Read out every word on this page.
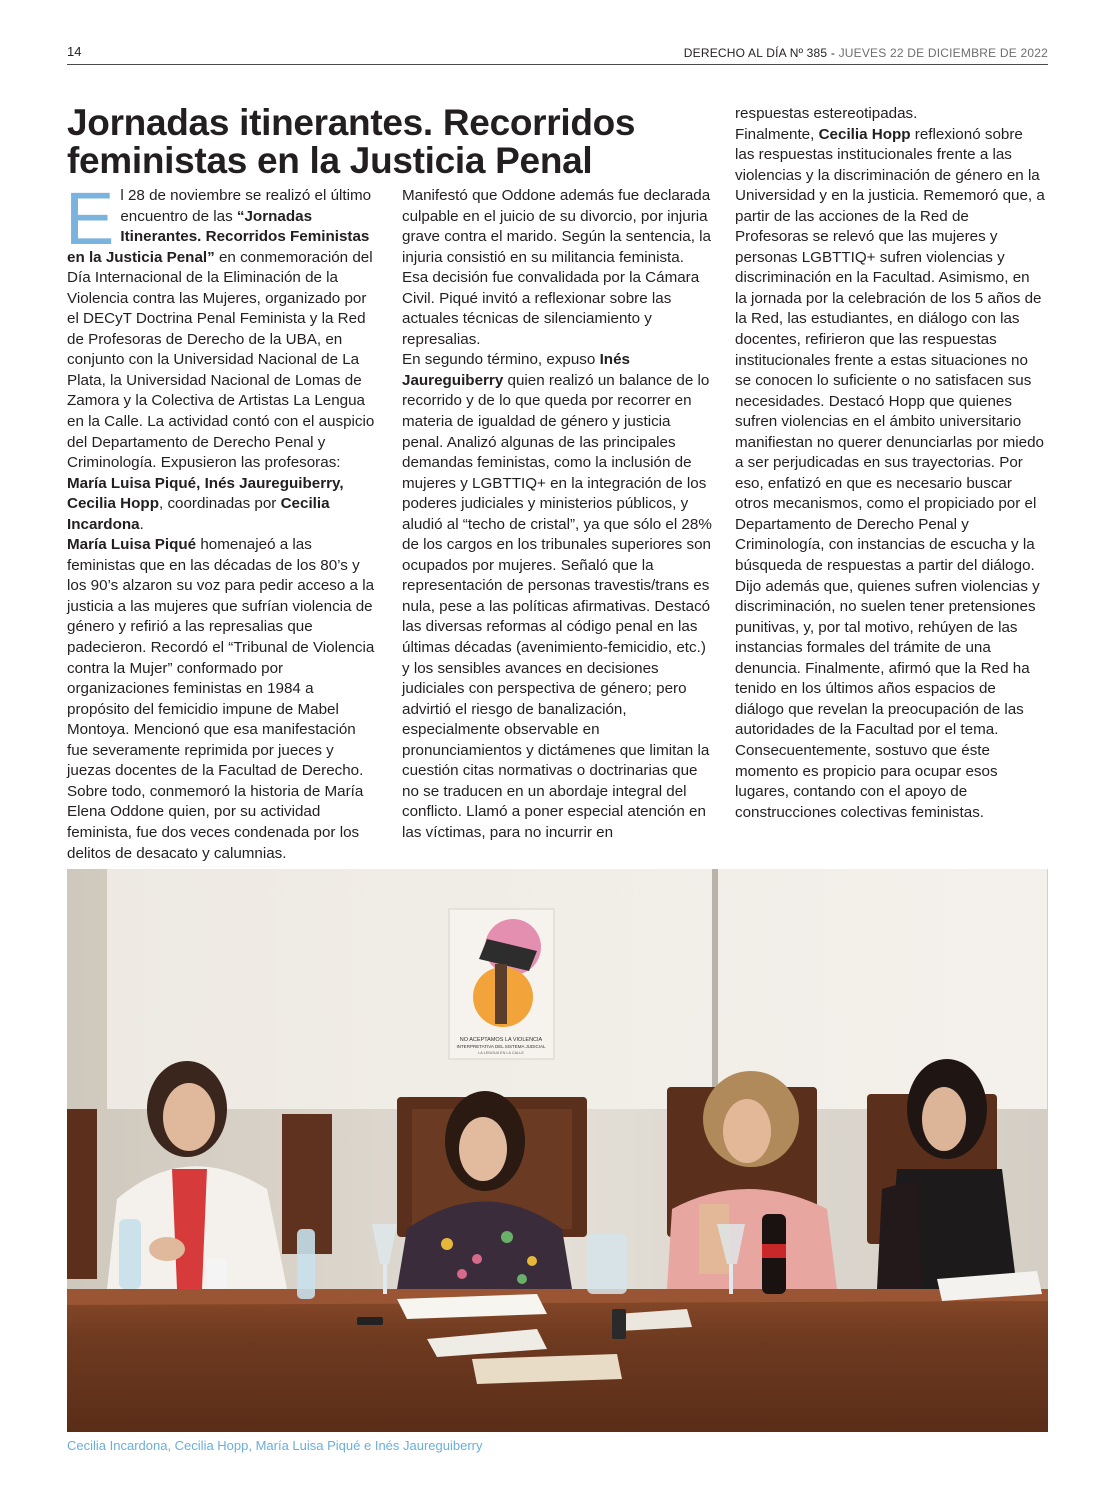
14	DERECHO AL DÍA Nº 385 - JUEVES 22 DE DICIEMBRE DE 2022
Jornadas itinerantes. Recorridos feministas en la Justicia Penal
E l 28 de noviembre se realizó el último encuentro de las “Jornadas Itinerantes. Recorridos Feministas en la Justicia Penal” en conmemoración del Día Internacional de la Eliminación de la Violencia contra las Mujeres, organizado por el DECyT Doctrina Penal Feminista y la Red de Profesoras de Derecho de la UBA, en conjunto con la Universidad Nacional de La Plata, la Universidad Nacional de Lomas de Zamora y la Colectiva de Artistas La Lengua en la Calle. La actividad contó con el auspicio del Departamento de Derecho Penal y Criminología. Expusieron las profesoras: María Luisa Piqué, Inés Jaureguiberry, Cecilia Hopp, coordinadas por Cecilia Incardona.

María Luisa Piqué homenajeó a las feministas que en las décadas de los 80’s y los 90’s alzaron su voz para pedir acceso a la justicia a las mujeres que sufrían violencia de género y refirió a las represalias que padecieron. Recordó el “Tribunal de Violencia contra la Mujer” conformado por organizaciones feministas en 1984 a propósito del femicidio impune de Mabel Montoya. Mencionó que esa manifestación fue severamente reprimida por jueces y juezas docentes de la Facultad de Derecho. Sobre todo, conmemoró la historia de María Elena Oddone quien, por su actividad feminista, fue dos veces condenada por los delitos de desacato y calumnias.

Manifestó que Oddone además fue declarada culpable en el juicio de su divorcio, por injuria grave contra el marido. Según la sentencia, la injuria consistió en su militancia feminista. Esa decisión fue convalidada por la Cámara Civil. Piqué invitó a reflexionar sobre las actuales técnicas de silenciamiento y represalias.

En segundo término, expuso Inés Jaureguiberry quien realizó un balance de lo recorrido y de lo que queda por recorrer en materia de igualdad de género y justicia penal. Analizó algunas de las principales demandas feministas, como la inclusión de mujeres y LGBTTIQ+ en la integración de los poderes judiciales y ministerios públicos, y aludió al “techo de cristal”, ya que sólo el 28% de los cargos en los tribunales superiores son ocupados por mujeres. Señaló que la representación de personas travestis/trans es nula, pese a las políticas afirmativas. Destacó las diversas reformas al código penal en las últimas décadas (avenimiento-femicidio, etc.) y los sensibles avances en decisiones judiciales con perspectiva de género; pero advirtió el riesgo de banalización, especialmente observable en pronunciamientos y dictámenes que limitan la cuestión citas normativas o doctrinarias que no se traducen en un abordaje integral del conflicto. Llamó a poner especial atención en las víctimas, para no incurrir en

respuestas estereotipadas.

Finalmente, Cecilia Hopp reflexionó sobre las respuestas institucionales frente a las violencias y la discriminación de género en la Universidad y en la justicia. Rememoró que, a partir de las acciones de la Red de Profesoras se relevó que las mujeres y personas LGBTTIQ+ sufren violencias y discriminación en la Facultad. Asimismo, en la jornada por la celebración de los 5 años de la Red, las estudiantes, en diálogo con las docentes, refirieron que las respuestas institucionales frente a estas situaciones no se conocen lo suficiente o no satisfacen sus necesidades. Destacó Hopp que quienes sufren violencias en el ámbito universitario manifiestan no querer denunciarlas por miedo a ser perjudicadas en sus trayectorias. Por eso, enfatizó en que es necesario buscar otros mecanismos, como el propiciado por el Departamento de Derecho Penal y Criminología, con instancias de escucha y la búsqueda de respuestas a partir del diálogo. Dijo además que, quienes sufren violencias y discriminación, no suelen tener pretensiones punitivas, y, por tal motivo, rehúyen de las instancias formales del trámite de una denuncia. Finalmente, afirmó que la Red ha tenido en los últimos años espacios de diálogo que revelan la preocupación de las autoridades de la Facultad por el tema. Consecuentemente, sostuvo que éste momento es propicio para ocupar esos lugares, contando con el apoyo de construcciones colectivas feministas.

NO ACEPTAMOS LA VIOLENCIA
INTERPRETATIVA DEL SISTEMA JUDICIAL
LA LENGUA EN LA CALLE
Cecilia Incardona, Cecilia Hopp, María Luisa Piqué e Inés Jaureguiberry
